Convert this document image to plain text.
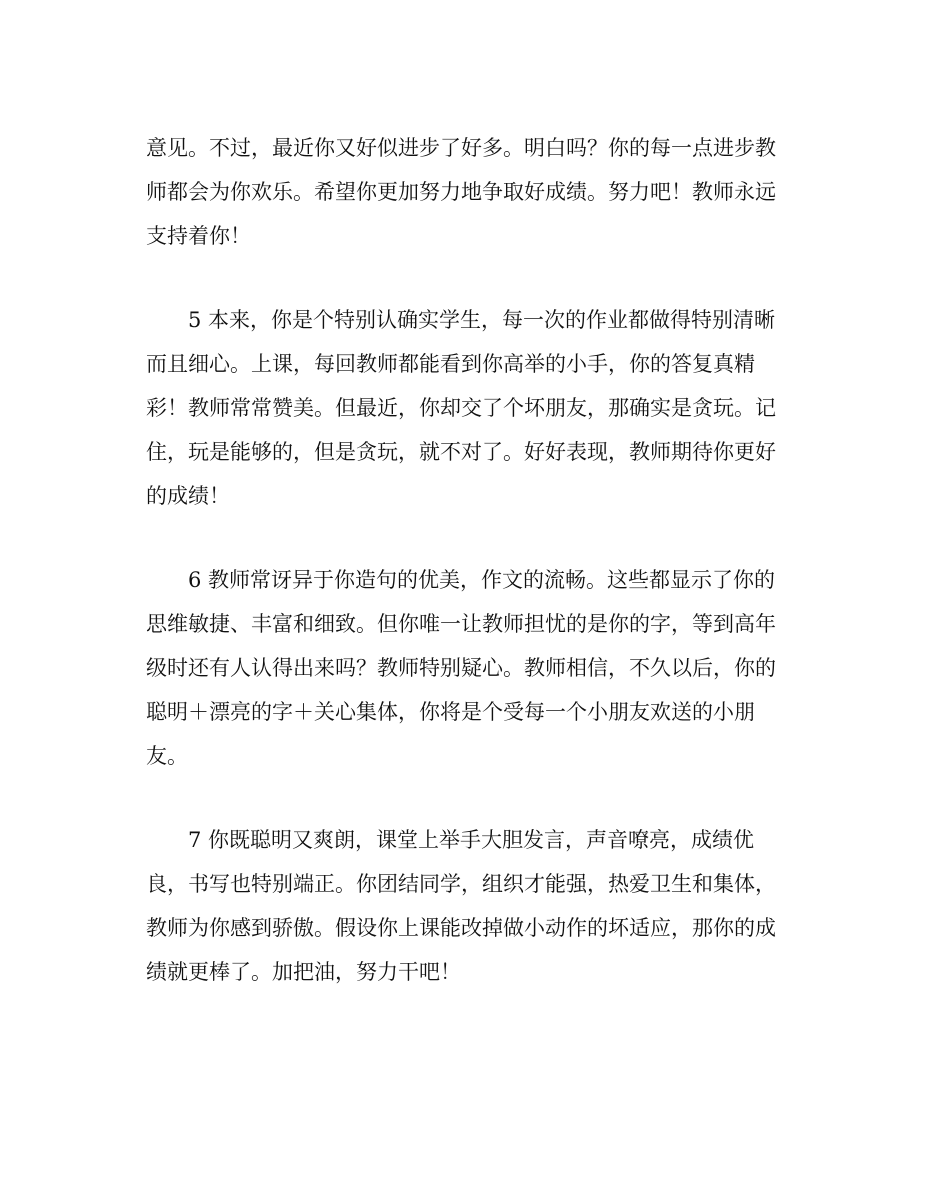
意见。不过，最近你又好似进步了好多。明白吗？你的每一点进步教
师都会为你欢乐。希望你更加努力地争取好成绩。努力吧！教师永远
支持着你！
5 本来，你是个特别认确实学生，每一次的作业都做得特别清晰
而且细心。上课，每回教师都能看到你高举的小手，你的答复真精
彩！教师常常赞美。但最近，你却交了个坏朋友，那确实是贪玩。记
住，玩是能够的，但是贪玩，就不对了。好好表现，教师期待你更好
的成绩！
6 教师常讶异于你造句的优美，作文的流畅。这些都显示了你的
思维敏捷、丰富和细致。但你唯一让教师担忧的是你的字，等到高年
级时还有人认得出来吗？教师特别疑心。教师相信，不久以后，你的
聪明＋漂亮的字＋关心集体，你将是个受每一个小朋友欢送的小朋
友。
7 你既聪明又爽朗，课堂上举手大胆发言，声音嘹亮，成绩优
良，书写也特别端正。你团结同学，组织才能强，热爱卫生和集体，
教师为你感到骄傲。假设你上课能改掉做小动作的坏适应，那你的成
绩就更棒了。加把油，努力干吧！
